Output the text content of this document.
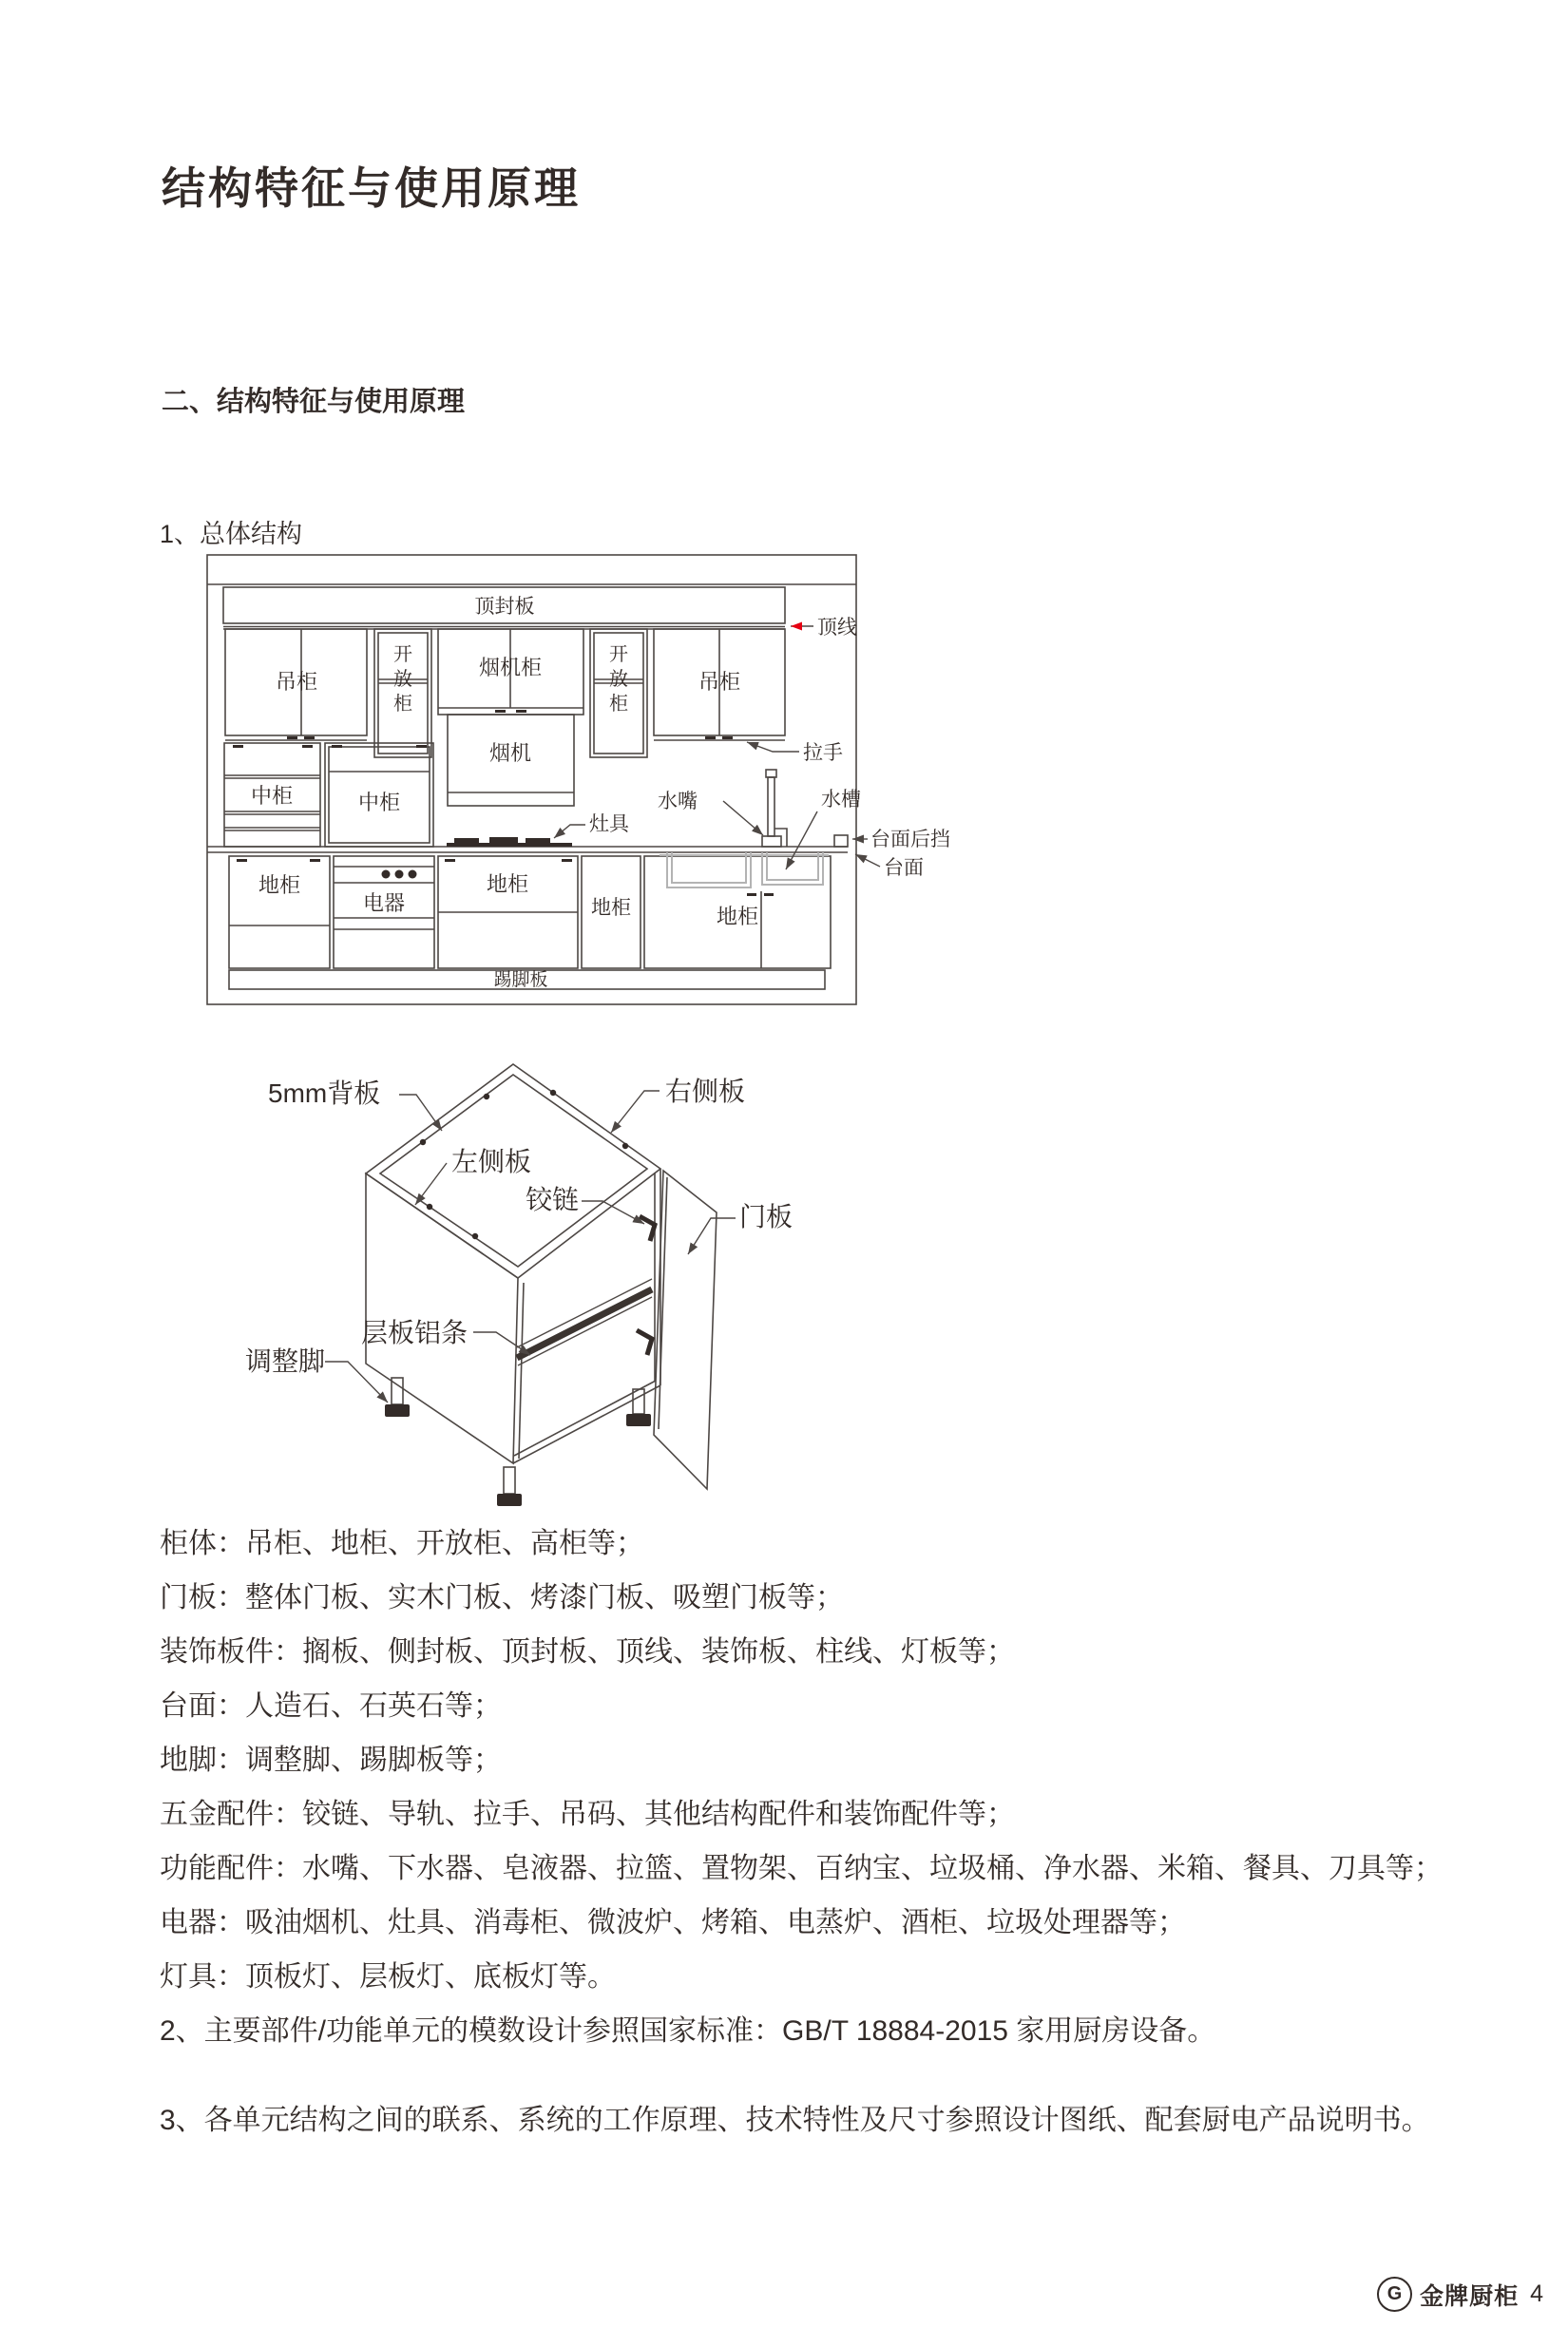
结构特征与使用原理
二、结构特征与使用原理
1、总体结构
顶封板
顶线
吊柜
开
放
柜
烟机柜
开
放
柜
吊柜
拉手
烟机
中柜	中柜
灶具
水嘴
地柜
电器
地柜
地柜	地柜
水槽
台面后挡
台面
踢脚板
5mm背板	右侧板
左侧板
铰链
门板
层板铝条
调整脚
柜体：吊柜、地柜、开放柜、高柜等；
门板：整体门板、实木门板、烤漆门板、吸塑门板等；
装饰板件：搁板、侧封板、顶封板、顶线、装饰板、柱线、灯板等；
台面：人造石、石英石等；
地脚：调整脚、踢脚板等；
五金配件：铰链、导轨、拉手、吊码、其他结构配件和装饰配件等；
功能配件：水嘴、下水器、皂液器、拉篮、置物架、百纳宝、垃圾桶、净水器、米箱、餐具、刀具等；
电器：吸油烟机、灶具、消毒柜、微波炉、烤箱、电蒸炉、酒柜、垃圾处理器等；
灯具：顶板灯、层板灯、底板灯等。
2、主要部件/功能单元的模数设计参照国家标准：GB/T 18884-2015 家用厨房设备。
3、各单元结构之间的联系、系统的工作原理、技术特性及尺寸参照设计图纸、配套厨电产品说明书。
G 金牌厨柜 4
